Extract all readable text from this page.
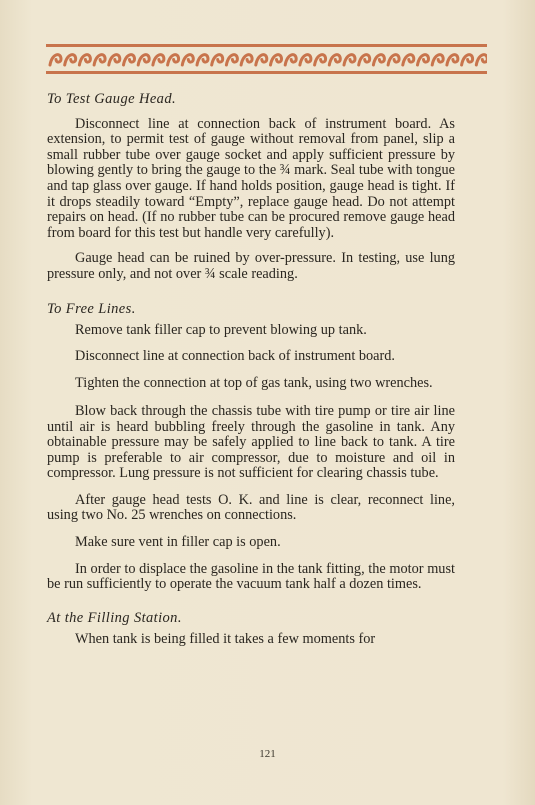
To Test Gauge Head.

Disconnect line at connection back of instrument board. As extension, to permit test of gauge without removal from panel, slip a small rubber tube over gauge socket and apply sufficient pressure by blowing gently to bring the gauge to the ¾ mark. Seal tube with tongue and tap glass over gauge. If hand holds position, gauge head is tight. If it drops steadily toward “Empty”, replace gauge head. Do not attempt repairs on head. (If no rubber tube can be procured remove gauge head from board for this test but handle very carefully).

Gauge head can be ruined by over-pressure. In testing, use lung pressure only, and not over ¾ scale reading.

To Free Lines.

Remove tank filler cap to prevent blowing up tank.

Disconnect line at connection back of instrument board.

Tighten the connection at top of gas tank, using two wrenches.

Blow back through the chassis tube with tire pump or tire air line until air is heard bubbling freely through the gasoline in tank. Any obtainable pressure may be safely applied to line back to tank. A tire pump is preferable to air compressor, due to moisture and oil in compressor. Lung pressure is not sufficient for clearing chassis tube.

After gauge head tests O. K. and line is clear, reconnect line, using two No. 25 wrenches on connections.

Make sure vent in filler cap is open.

In order to displace the gasoline in the tank fitting, the motor must be run sufficiently to operate the vacuum tank half a dozen times.

At the Filling Station.

When tank is being filled it takes a few moments for

121
